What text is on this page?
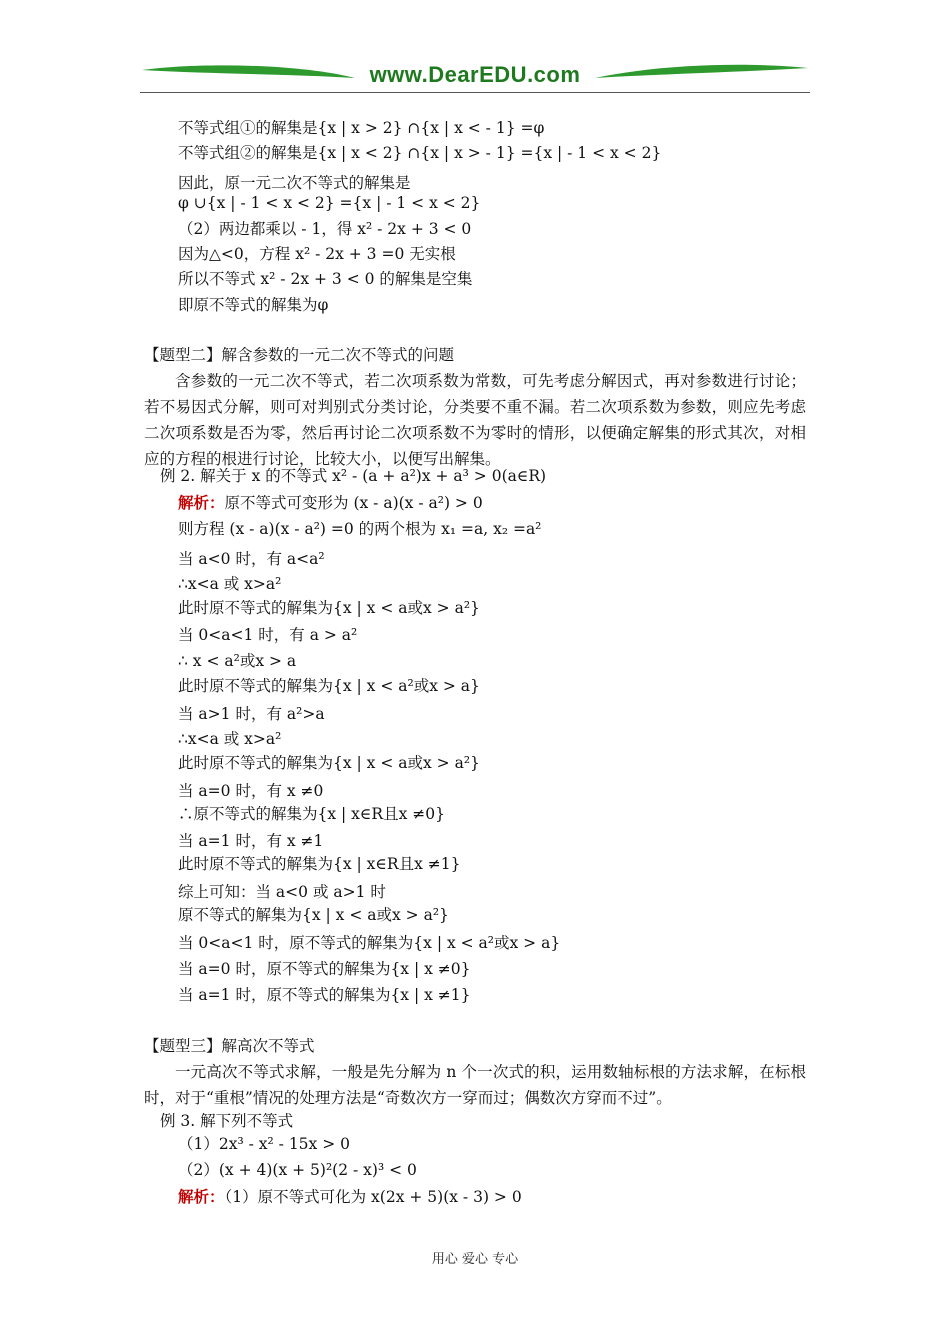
www.DearEDU.com
不等式组①的解集是{x | x > 2} ∩{x | x < - 1} =φ
不等式组②的解集是{x | x < 2} ∩{x | x > - 1} ={x | - 1 < x < 2}
因此，原一元二次不等式的解集是
φ ∪{x | - 1 < x < 2} ={x | - 1 < x < 2}
（2）两边都乘以 - 1，得 x² - 2x + 3 < 0
因为△<0，方程 x² - 2x + 3 =0 无实根
所以不等式 x² - 2x + 3 < 0 的解集是空集
即原不等式的解集为φ
【题型二】解含参数的一元二次不等式的问题
含参数的一元二次不等式，若二次项系数为常数，可先考虑分解因式，再对参数进行讨论；若不易因式分解，则可对判别式分类讨论，分类要不重不漏。若二次项系数为参数，则应先考虑二次项系数是否为零，然后再讨论二次项系数不为零时的情形，以便确定解集的形式其次，对相应的方程的根进行讨论，比较大小，以便写出解集。
例 2. 解关于 x 的不等式 x² - (a + a²)x + a³ > 0(a∈R)
解析：原不等式可变形为 (x - a)(x - a²) > 0
则方程 (x - a)(x - a²) =0 的两个根为 x₁ =a, x₂ =a²
当 a<0 时，有 a<a²
∴x<a 或 x>a²
此时原不等式的解集为{x | x < a或x > a²}
当 0<a<1 时，有 a > a²
∴ x < a²或x > a
此时原不等式的解集为{x | x < a²或x > a}
当 a>1 时，有 a²>a
∴x<a 或 x>a²
此时原不等式的解集为{x | x < a或x > a²}
当 a=0 时，有 x ≠0
∴原不等式的解集为{x | x∈R且x ≠0}
当 a=1 时，有 x ≠1
此时原不等式的解集为{x | x∈R且x ≠1}
综上可知：当 a<0 或 a>1 时
原不等式的解集为{x | x < a或x > a²}
当 0<a<1 时，原不等式的解集为{x | x < a²或x > a}
当 a=0 时，原不等式的解集为{x | x ≠0}
当 a=1 时，原不等式的解集为{x | x ≠1}
【题型三】解高次不等式
一元高次不等式求解，一般是先分解为 n 个一次式的积，运用数轴标根的方法求解，在标根时，对于“重根”情况的处理方法是“奇数次方一穿而过；偶数次方穿而不过”。
例 3. 解下列不等式
（1）2x³ - x² - 15x > 0
（2）(x + 4)(x + 5)²(2 - x)³ < 0
解析：（1）原不等式可化为 x(2x + 5)(x - 3) > 0
用心 爱心 专心
